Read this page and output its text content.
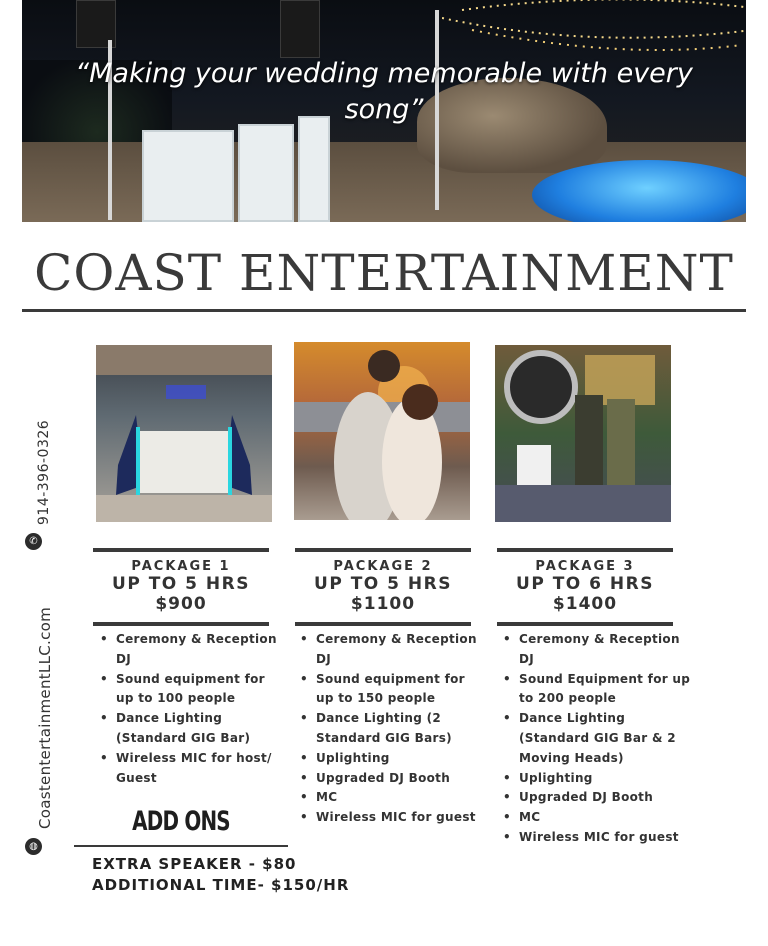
“Making your wedding memorable with every song”
COAST ENTERTAINMENT
914-396-0326
✆
CoastentertainmentLLC.com
◍
PACKAGE 1
UP TO 5 HRS
$900
PACKAGE 2
UP TO 5 HRS
$1100
PACKAGE 3
UP TO 6 HRS
$1400
• Ceremony & Reception DJ
• Sound equipment for up to 100 people
• Dance Lighting (Standard GIG Bar)
• Wireless MIC for host/ Guest
• Ceremony & Reception DJ
• Sound equipment for up to 150 people
• Dance Lighting (2 Standard GIG Bars)
• Uplighting
• Upgraded DJ Booth
• MC
• Wireless MIC for guest
• Ceremony & Reception DJ
• Sound Equipment for up to 200 people
• Dance Lighting (Standard GIG Bar & 2 Moving Heads)
• Uplighting
• Upgraded DJ Booth
• MC
• Wireless MIC for guest
ADD ONS
EXTRA SPEAKER - $80
ADDITIONAL TIME- $150/HR
